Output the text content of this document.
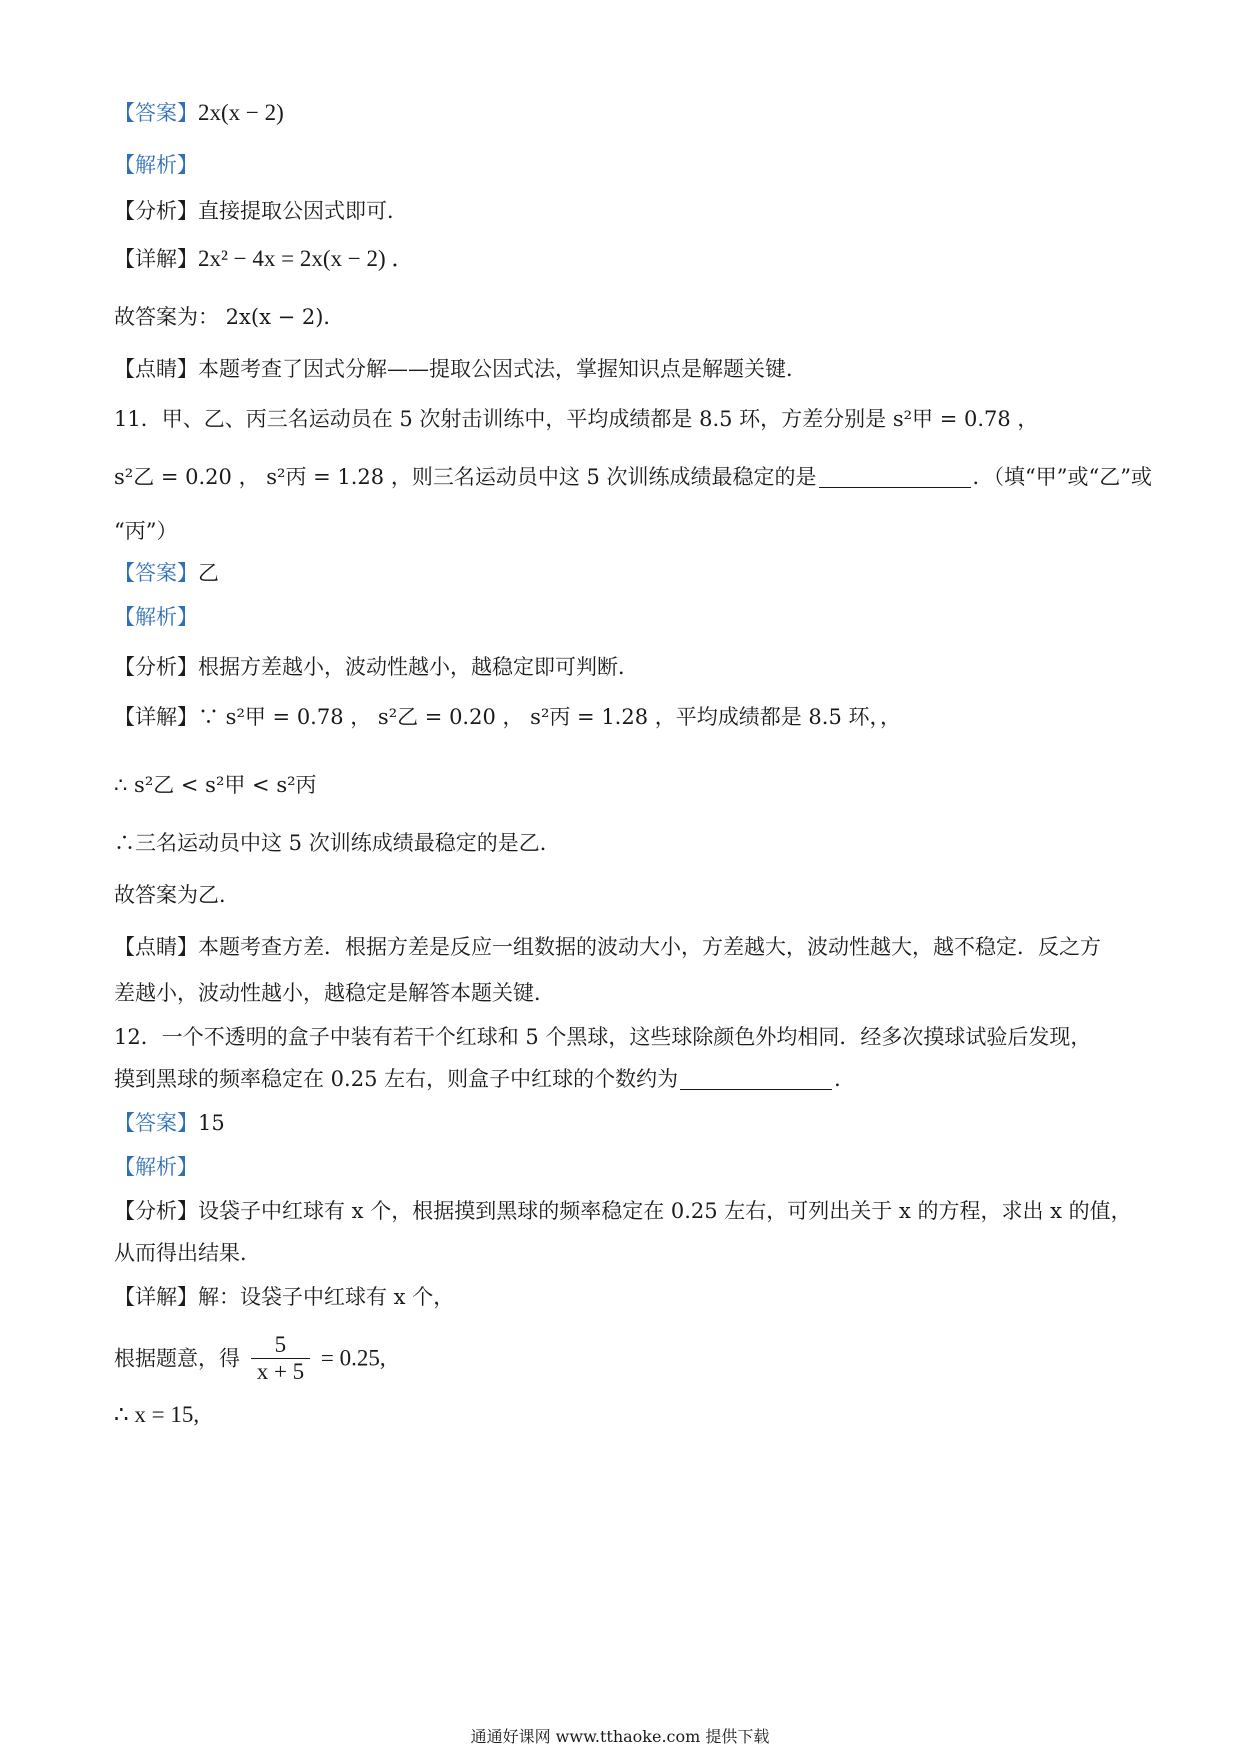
【答案】2x(x − 2)
【解析】
【分析】直接提取公因式即可．
【详解】2x² − 4x = 2x(x − 2) ．
故答案为： 2x(x − 2)．
【点睛】本题考查了因式分解——提取公因式法，掌握知识点是解题关键．
11．甲、乙、丙三名运动员在 5 次射击训练中，平均成绩都是 8.5 环，方差分别是 s²甲 = 0.78 ，
s²乙 = 0.20 ， s²丙 = 1.28 ，则三名运动员中这 5 次训练成绩最稳定的是	．（填“甲”或“乙”或
“丙”）
【答案】乙
【解析】
【分析】根据方差越小，波动性越小，越稳定即可判断．
【详解】∵ s²甲 = 0.78 ， s²乙 = 0.20 ， s²丙 = 1.28 ，平均成绩都是 8.5 环，，
∴ s²乙 < s²甲 < s²丙
∴三名运动员中这 5 次训练成绩最稳定的是乙．
故答案为乙．
【点睛】本题考查方差．根据方差是反应一组数据的波动大小，方差越大，波动性越大，越不稳定．反之方
差越小，波动性越小，越稳定是解答本题关键．
12．一个不透明的盒子中装有若干个红球和 5 个黑球，这些球除颜色外均相同．经多次摸球试验后发现，
摸到黑球的频率稳定在 0.25 左右，则盒子中红球的个数约为	．
【答案】15
【解析】
【分析】设袋子中红球有 x 个，根据摸到黑球的频率稳定在 0.25 左右，可列出关于 x 的方程，求出 x 的值，
从而得出结果．
【详解】解：设袋子中红球有 x 个，
根据题意，得 $\frac{5}{x + 5} = 0.25$,
∴ x = 15,
通通好课网 www.tthaoke.com 提供下载
